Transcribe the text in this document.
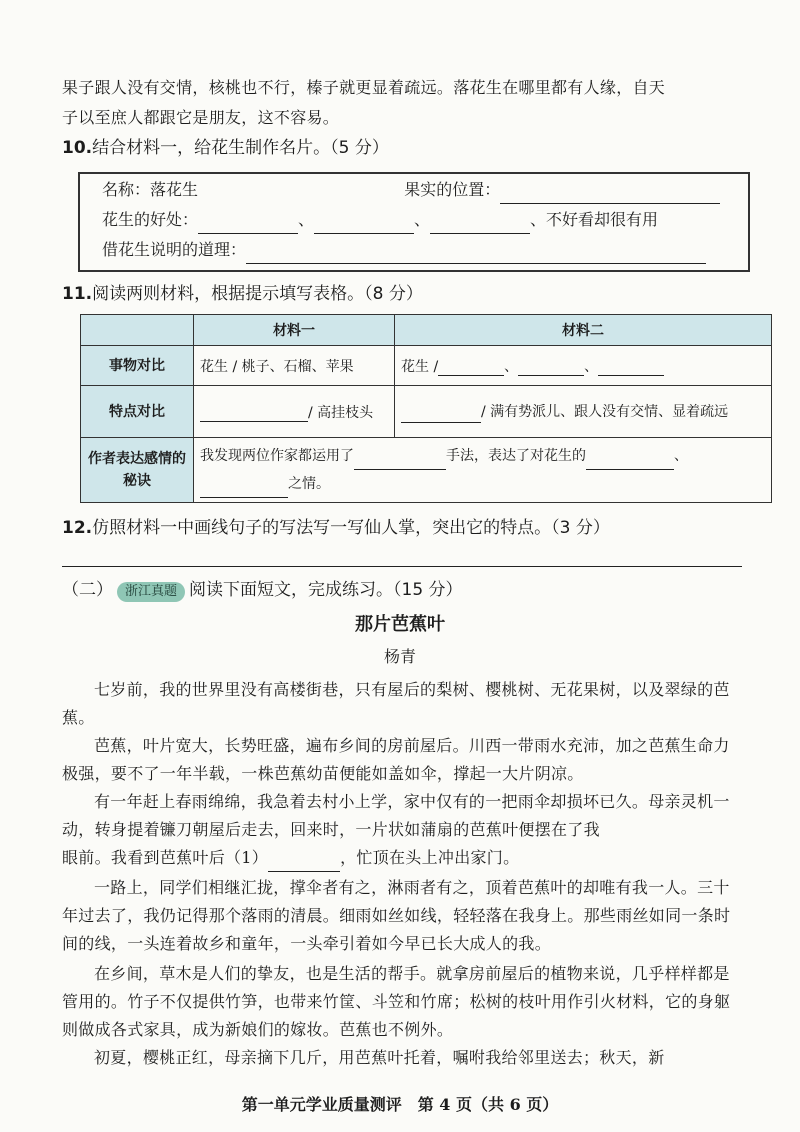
果子跟人没有交情，核桃也不行，榛子就更显着疏远。落花生在哪里都有人缘，自天

子以至庶人都跟它是朋友，这不容易。

10.结合材料一，给花生制作名片。（5 分）

名称：落花生	果实的位置：
花生的好处：	、	、	、不好看却很有用
借花生说明的道理：

11.阅读两则材料，根据提示填写表格。（8 分）

	材料一	材料二
事物对比	花生 / 桃子、石榴、苹果	花生 / 、 、
特点对比	/ 高挂枝头	/ 满有势派儿、跟人没有交情、显着疏远
作者表达感情的秘诀	我发现两位作家都运用了 手法，表达了对花生的 、
之情。	

12.仿照材料一中画线句子的写法写一写仙人掌，突出它的特点。（3 分）

（二） 浙江真题 阅读下面短文，完成练习。（15 分）

那片芭蕉叶
杨青

七岁前，我的世界里没有高楼街巷，只有屋后的梨树、樱桃树、无花果树，以及翠绿的芭蕉。

芭蕉，叶片宽大，长势旺盛，遍布乡间的房前屋后。川西一带雨水充沛，加之芭蕉生命力极强，要不了一年半载，一株芭蕉幼苗便能如盖如伞，撑起一大片阴凉。

有一年赶上春雨绵绵，我急着去村小上学，家中仅有的一把雨伞却损坏已久。母亲灵机一动，转身提着镰刀朝屋后走去，回来时，一片状如蒲扇的芭蕉叶便摆在了我

眼前。我看到芭蕉叶后（1）	，忙顶在头上冲出家门。

一路上，同学们相继汇拢，撑伞者有之，淋雨者有之，顶着芭蕉叶的却唯有我一人。三十年过去了，我仍记得那个落雨的清晨。细雨如丝如线，轻轻落在我身上。那些雨丝如同一条时间的线，一头连着故乡和童年，一头牵引着如今早已长大成人的我。

在乡间，草木是人们的挚友，也是生活的帮手。就拿房前屋后的植物来说，几乎样样都是管用的。竹子不仅提供竹笋，也带来竹筐、斗笠和竹席；松树的枝叶用作引火材料，它的身躯则做成各式家具，成为新娘们的嫁妆。芭蕉也不例外。

初夏，樱桃正红，母亲摘下几斤，用芭蕉叶托着，嘱咐我给邻里送去；秋天，新

第一单元学业质量测评　第 4 页（共 6 页）
